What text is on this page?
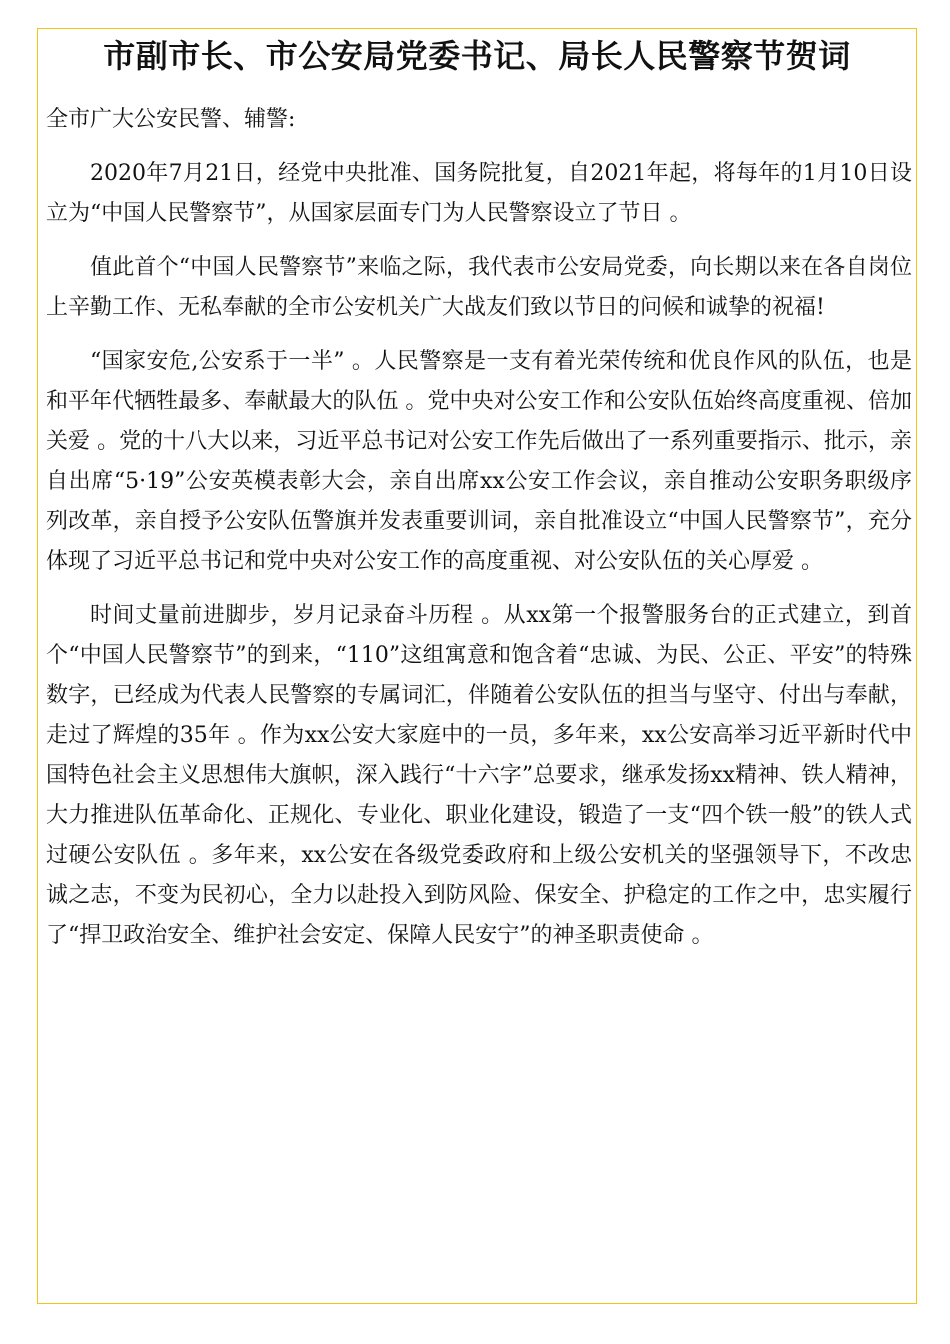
市副市长、市公安局党委书记、局长人民警察节贺词

全市广大公安民警、辅警:

2020年7月21日，经党中央批准、国务院批复，自2021年起，将每年的1月10日设立为“中国人民警察节”，从国家层面专门为人民警察设立了节日 。

值此首个“中国人民警察节”来临之际，我代表市公安局党委，向长期以来在各自岗位上辛勤工作、无私奉献的全市公安机关广大战友们致以节日的问候和诚挚的祝福!

“国家安危,公安系于一半” 。人民警察是一支有着光荣传统和优良作风的队伍，也是和平年代牺牲最多、奉献最大的队伍 。党中央对公安工作和公安队伍始终高度重视、倍加关爱 。党的十八大以来，习近平总书记对公安工作先后做出了一系列重要指示、批示，亲自出席“5·19”公安英模表彰大会，亲自出席xx公安工作会议，亲自推动公安职务职级序列改革，亲自授予公安队伍警旗并发表重要训词，亲自批准设立“中国人民警察节”，充分体现了习近平总书记和党中央对公安工作的高度重视、对公安队伍的关心厚爱 。

时间丈量前进脚步，岁月记录奋斗历程 。从xx第一个报警服务台的正式建立，到首个“中国人民警察节”的到来，“110”这组寓意和饱含着“忠诚、为民、公正、平安”的特殊数字，已经成为代表人民警察的专属词汇，伴随着公安队伍的担当与坚守、付出与奉献，走过了辉煌的35年 。作为xx公安大家庭中的一员，多年来，xx公安高举习近平新时代中国特色社会主义思想伟大旗帜，深入践行“十六字”总要求，继承发扬xx精神、铁人精神，大力推进队伍革命化、正规化、专业化、职业化建设，锻造了一支“四个铁一般”的铁人式过硬公安队伍 。多年来，xx公安在各级党委政府和上级公安机关的坚强领导下，不改忠诚之志，不变为民初心，全力以赴投入到防风险、保安全、护稳定的工作之中，忠实履行了“捍卫政治安全、维护社会安定、保障人民安宁”的神圣职责使命 。
